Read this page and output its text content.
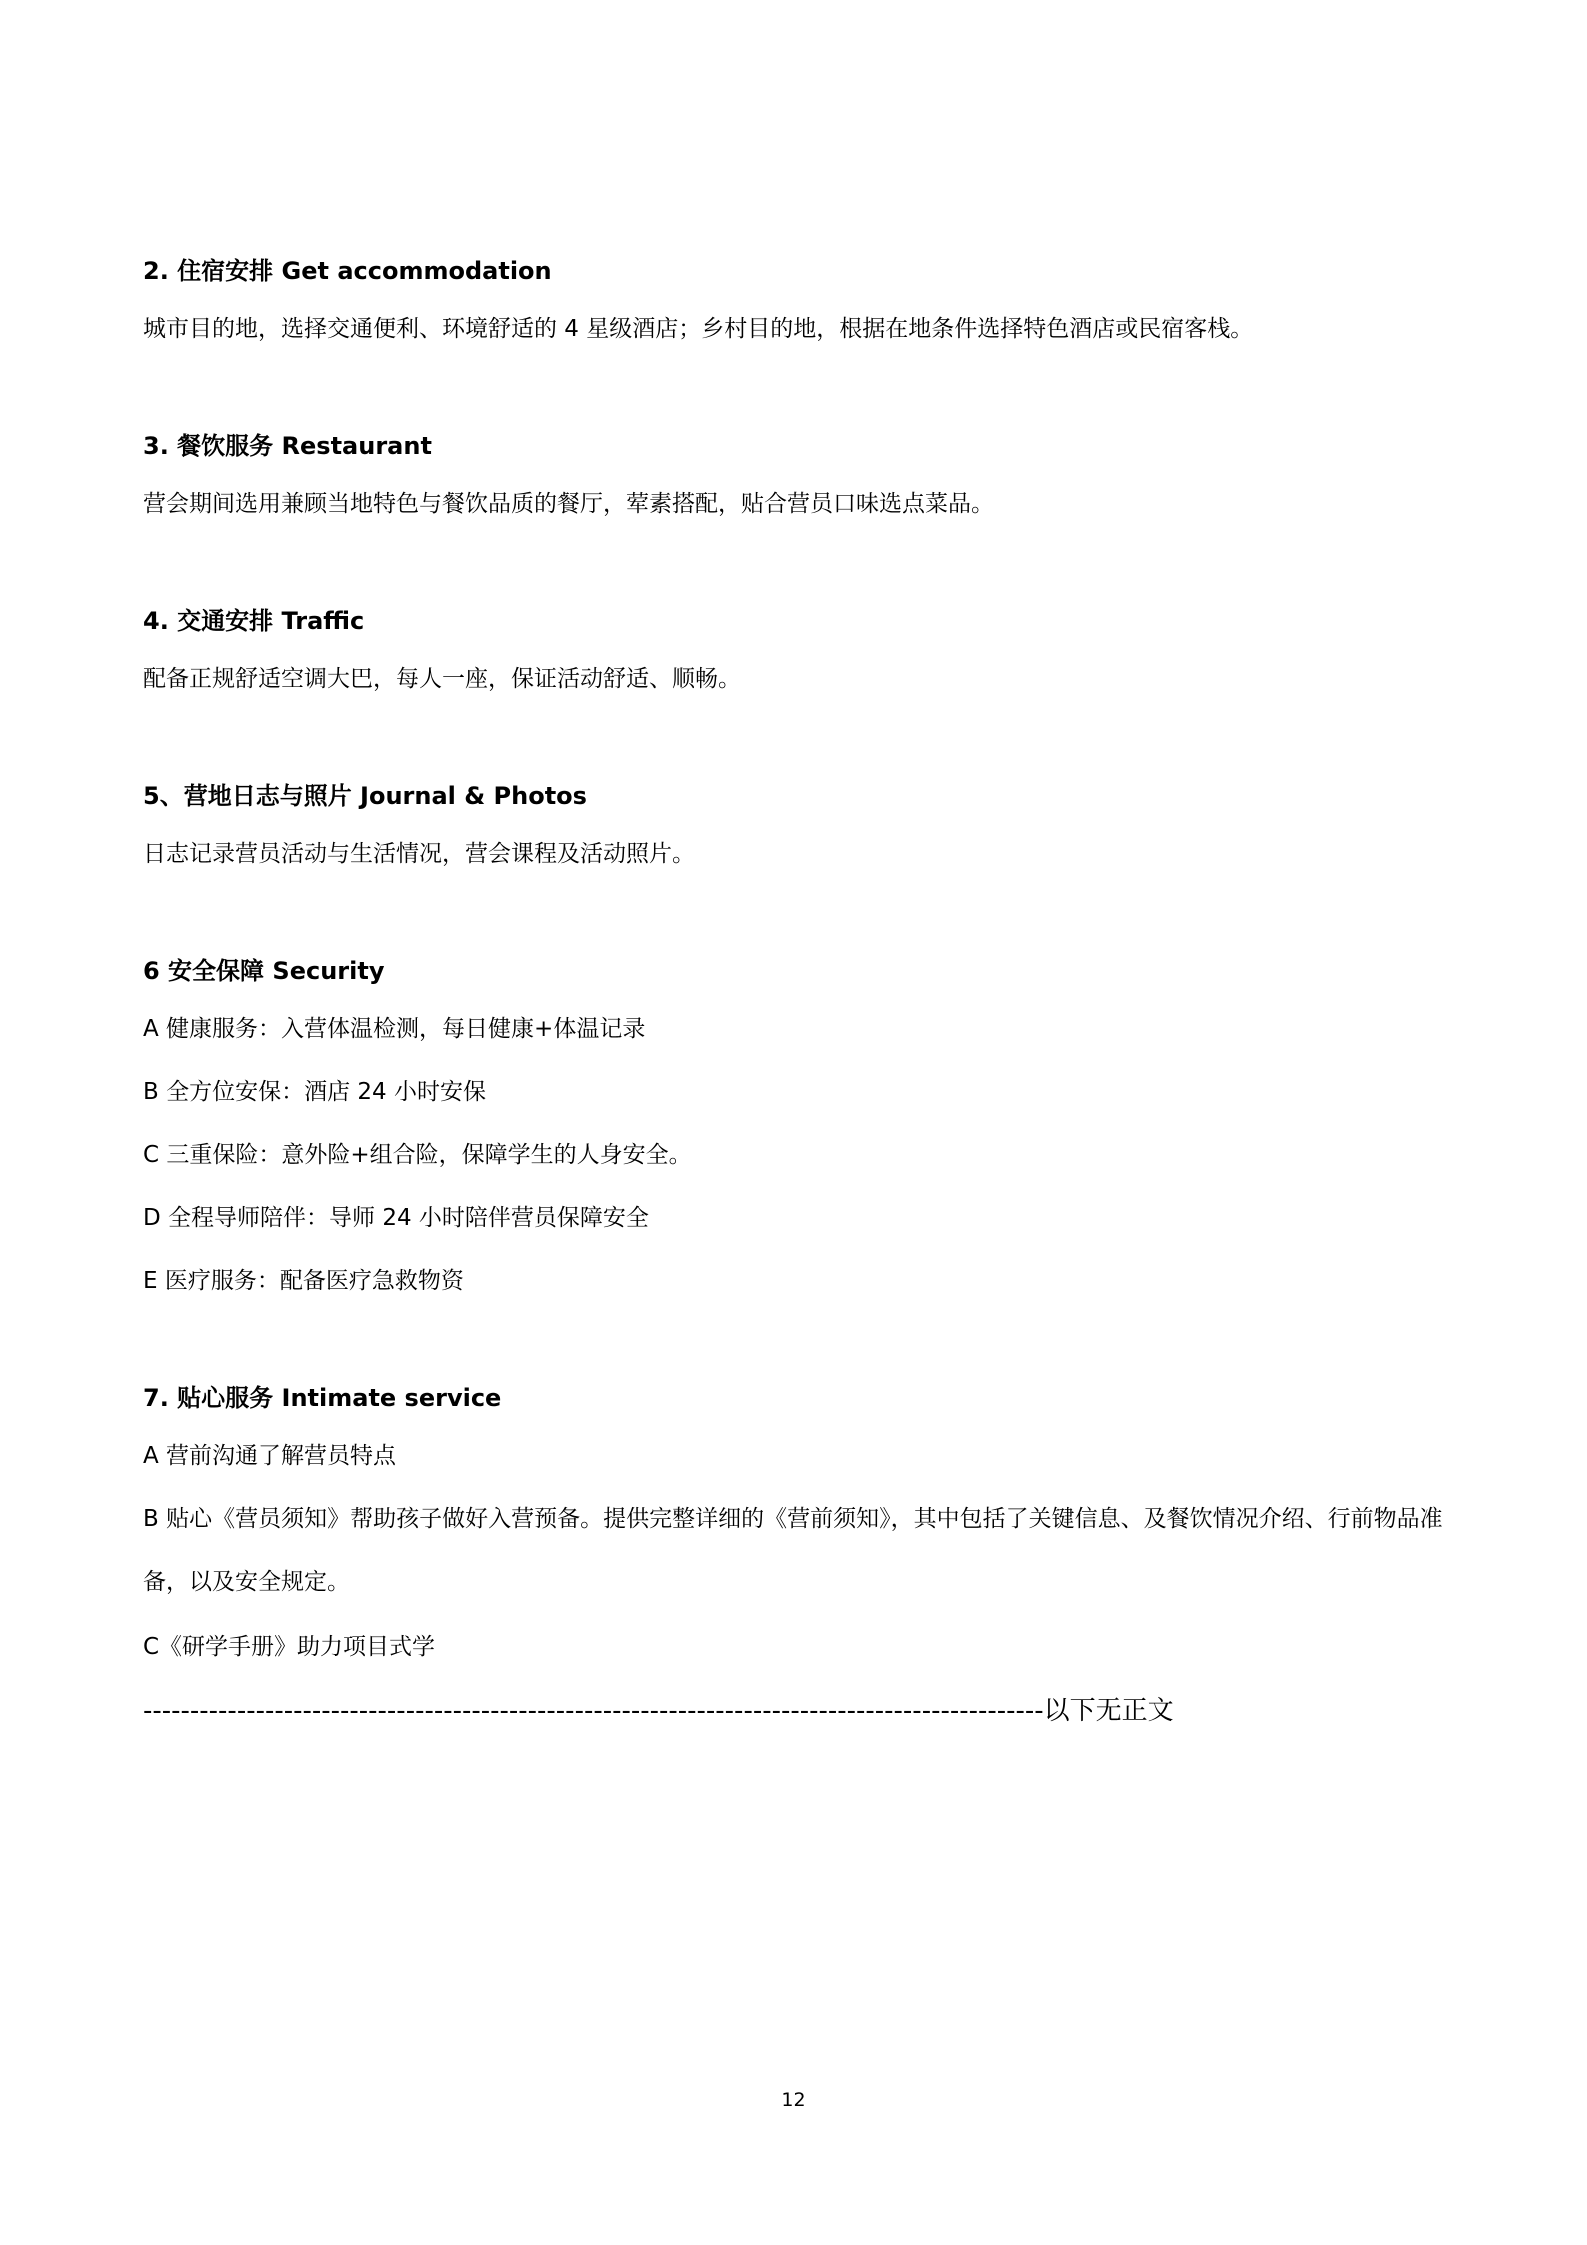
2. 住宿安排 Get accommodation
城市目的地，选择交通便利、环境舒适的 4 星级酒店；乡村目的地，根据在地条件选择特色酒店或民宿客栈。
3. 餐饮服务 Restaurant
营会期间选用兼顾当地特色与餐饮品质的餐厅，荤素搭配，贴合营员口味选点菜品。
4. 交通安排 Traffic
配备正规舒适空调大巴，每人一座，保证活动舒适、顺畅。
5、营地日志与照片 Journal & Photos
日志记录营员活动与生活情况，营会课程及活动照片。
6 安全保障 Security
A 健康服务：入营体温检测，每日健康+体温记录
B 全方位安保：酒店 24 小时安保
C 三重保险：意外险+组合险，保障学生的人身安全。
D 全程导师陪伴：导师 24 小时陪伴营员保障安全
E 医疗服务：配备医疗急救物资
7. 贴心服务 Intimate service
A 营前沟通了解营员特点
B 贴心《营员须知》帮助孩子做好入营预备。提供完整详细的《营前须知》，其中包括了关键信息、及餐饮情况介绍、行前物品准备，以及安全规定。
C《研学手册》助力项目式学
------------------------------------------------------------------------------------------------以下无正文
12
